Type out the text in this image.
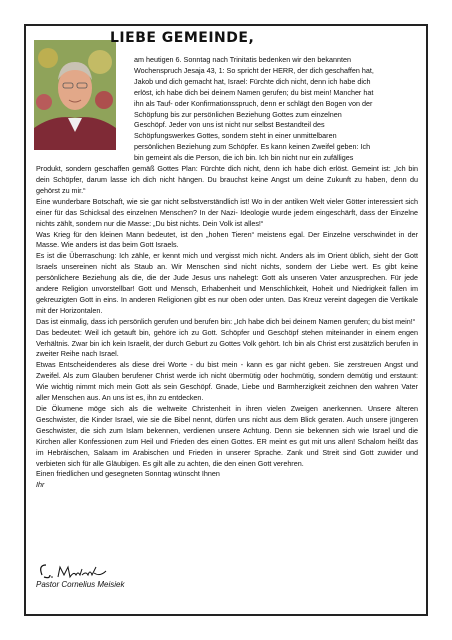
LIEBE GEMEINDE,

am heutigen 6. Sonntag nach Trinitatis bedenken wir den bekannten

Wochenspruch Jesaja 43, 1: So spricht der HERR, der dich geschaffen hat,

Jakob und dich gemacht hat, Israel: Fürchte dich nicht, denn ich habe dich

erlöst, ich habe dich bei deinem Namen gerufen; du bist mein! Mancher hat

ihn als Tauf- oder Konfirmationsspruch, denn er schlägt den Bogen von der

Schöpfung bis zur persönlichen Beziehung Gottes zum einzelnen

Geschöpf. Jeder von uns ist nicht nur selbst Bestandteil des

Schöpfungswerkes Gottes, sondern steht in einer unmittelbaren

persönlichen Beziehung zum Schöpfer. Es kann keinen Zweifel geben: Ich

bin gemeint als die Person, die ich bin. Ich bin nicht nur ein zufälliges

Produkt, sondern geschaffen gemäß Gottes Plan: Fürchte dich nicht, denn ich habe dich erlöst. Gemeint ist: „Ich bin dein Schöpfer, darum lasse ich dich nicht hängen. Du brauchst keine Angst um deine Zukunft zu haben, denn du gehörst zu mir.“

Eine wunderbare Botschaft, wie sie gar nicht selbstverständlich ist! Wo in der antiken Welt vieler Götter interessiert sich einer für das Schicksal des einzelnen Menschen? In der Nazi- Ideologie wurde jedem eingeschärft, dass der Einzelne nichts zählt, sondern nur die Masse: „Du bist nichts. Dein Volk ist alles!“

Was Krieg für den kleinen Mann bedeutet, ist den „hohen Tieren“ meistens egal. Der Einzelne verschwindet in der Masse. Wie anders ist das beim Gott Israels.

Es ist die Überraschung: Ich zähle, er kennt mich und vergisst mich nicht. Anders als im Orient üblich, sieht der Gott Israels unsereinen nicht als Staub an. Wir Menschen sind nicht nichts, sondern der Liebe wert. Es gibt keine persönlichere Beziehung als die, die der Jude Jesus uns nahelegt: Gott als unseren Vater anzusprechen. Für jede andere Religion unvorstellbar! Gott und Mensch, Erhabenheit und Menschlichkeit, Hoheit und Niedrigkeit fallen im gekreuzigten Gott in eins. In anderen Religionen gibt es nur oben oder unten. Das Kreuz vereint dagegen die Vertikale mit der Horizontalen.

Das ist einmalig, dass ich persönlich gerufen und berufen bin: „Ich habe dich bei deinem Namen gerufen; du bist mein!“

Das bedeutet: Weil ich getauft bin, gehöre ich zu Gott. Schöpfer und Geschöpf stehen miteinander in einem engen Verhältnis. Zwar bin ich kein Israelit, der durch Geburt zu Gottes Volk gehört. Ich bin als Christ erst zusätzlich berufen in zweiter Reihe nach Israel.

Etwas Entscheidenderes als diese drei Worte - du bist mein - kann es gar nicht geben. Sie zerstreuen Angst und Zweifel. Als zum Glauben berufener Christ werde ich nicht übermütig oder hochmütig, sondern demütig und erstaunt: Wie wichtig nimmt mich mein Gott als sein Geschöpf. Gnade, Liebe und Barmherzigkeit zeichnen den wahren Vater aller Menschen aus. An uns ist es, ihn zu entdecken.

Die Ökumene möge sich als die weltweite Christenheit in ihren vielen Zweigen anerkennen. Unsere älteren Geschwister, die Kinder Israel, wie sie die Bibel nennt, dürfen uns nicht aus dem Blick geraten. Auch unsere jüngeren Geschwister, die sich zum Islam bekennen, verdienen unsere Achtung. Denn sie bekennen sich wie Israel und die Kirchen aller Konfessionen zum Heil und Frieden des einen Gottes. ER meint es gut mit uns allen! Schalom heißt das im Hebräischen, Salaam im Arabischen und Frieden in unserer Sprache. Zank und Streit sind Gott zuwider und verbieten sich für alle Gläubigen. Es gilt alle zu achten, die den einen Gott verehren.

Einen friedlichen und gesegneten Sonntag wünscht Ihnen

Ihr

Pastor Cornelius Meisiek
